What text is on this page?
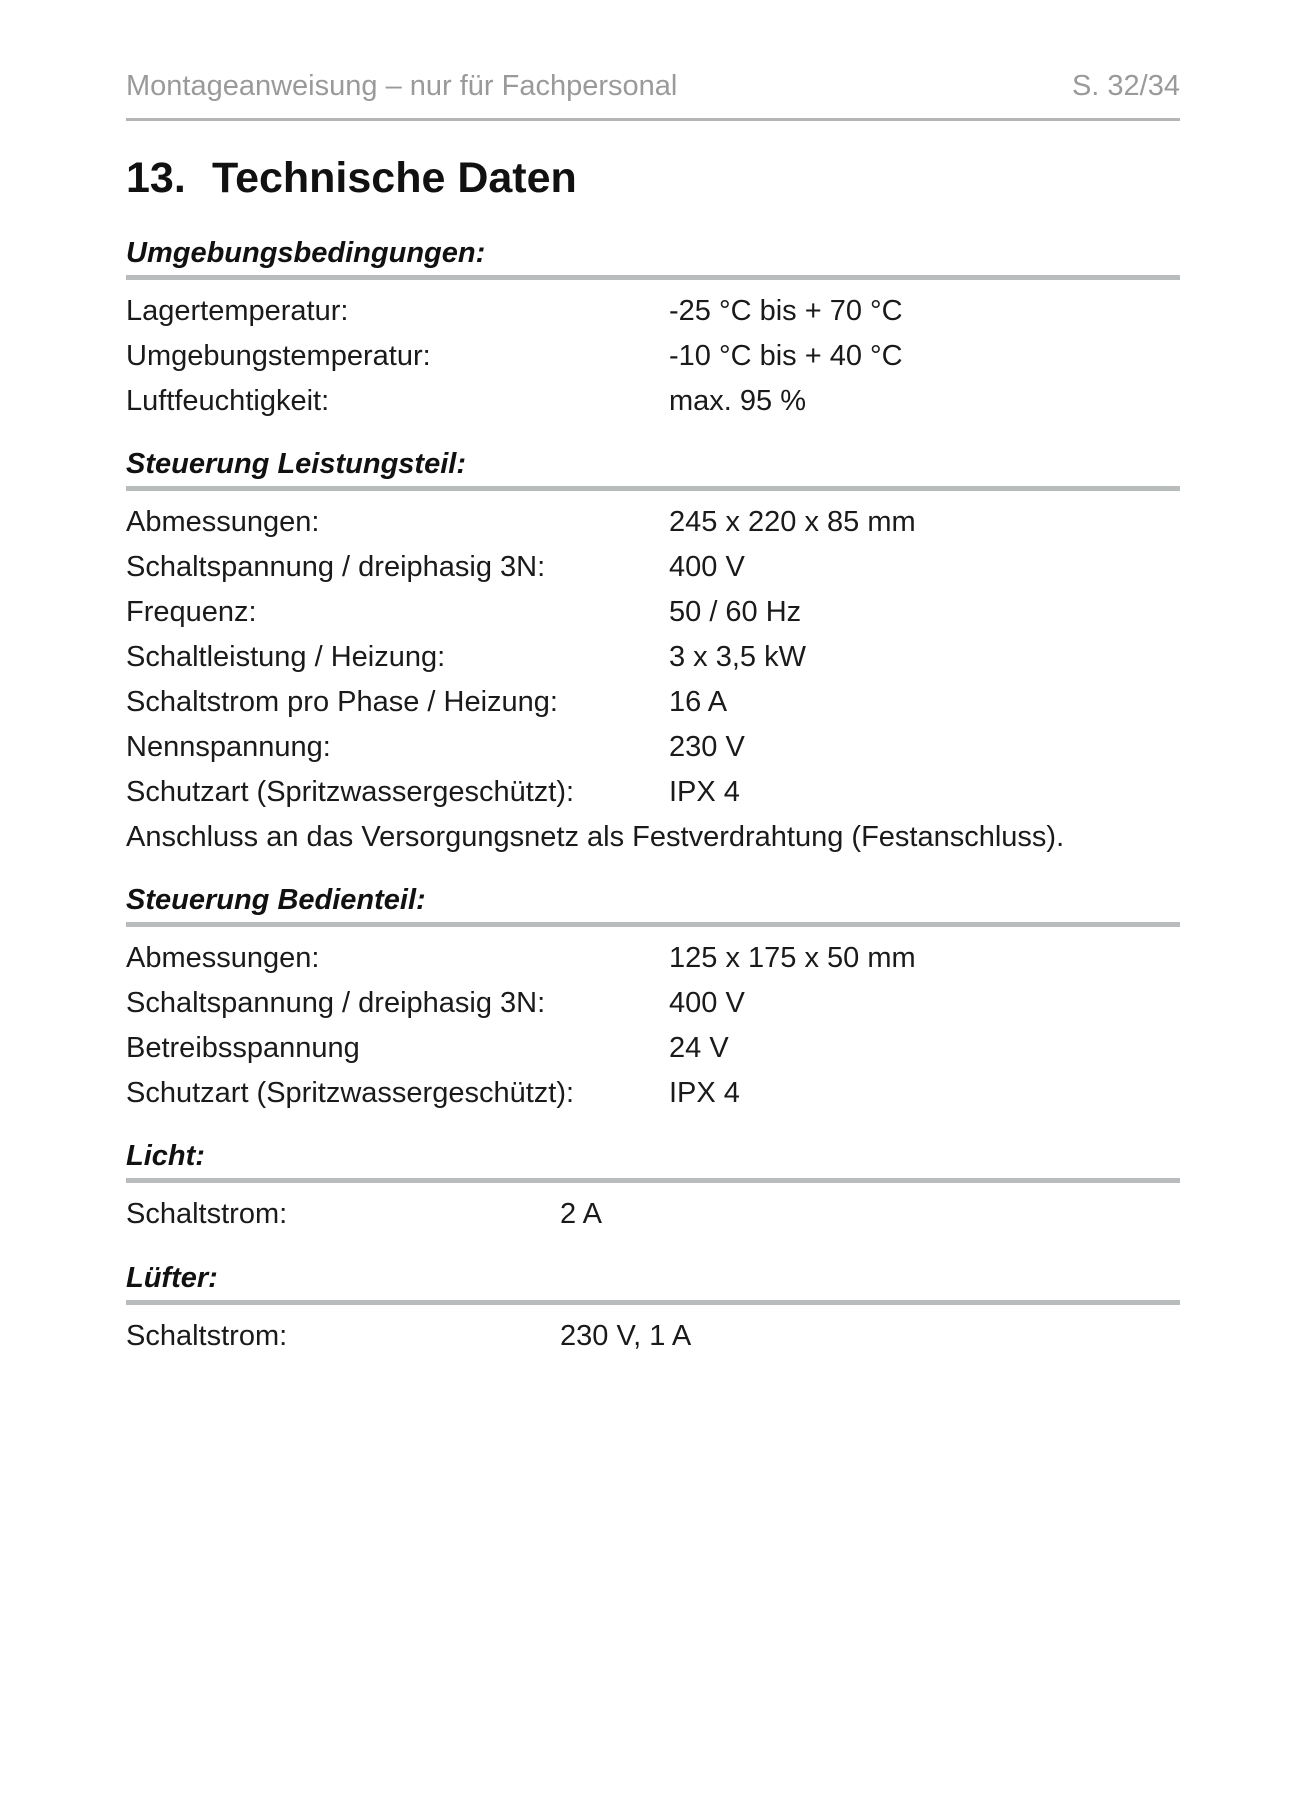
Montageanweisung – nur für Fachpersonal	S. 32/34
13. Technische Daten
Umgebungsbedingungen:
Lagertemperatur:	-25 °C bis + 70 °C
Umgebungstemperatur:	-10 °C bis + 40 °C
Luftfeuchtigkeit:	max. 95 %
Steuerung Leistungsteil:
Abmessungen:	245 x 220 x 85 mm
Schaltspannung / dreiphasig 3N:	400 V
Frequenz:	50 / 60 Hz
Schaltleistung / Heizung:	3 x 3,5 kW
Schaltstrom pro Phase / Heizung:	16 A
Nennspannung:	230 V
Schutzart (Spritzwassergeschützt):	IPX 4
Anschluss an das Versorgungsnetz als Festverdrahtung (Festanschluss).
Steuerung Bedienteil:
Abmessungen:	125 x 175 x 50 mm
Schaltspannung / dreiphasig 3N:	400 V
Betreibsspannung	24 V
Schutzart (Spritzwassergeschützt):	IPX 4
Licht:
Schaltstrom:	2 A
Lüfter:
Schaltstrom:	230 V, 1 A
